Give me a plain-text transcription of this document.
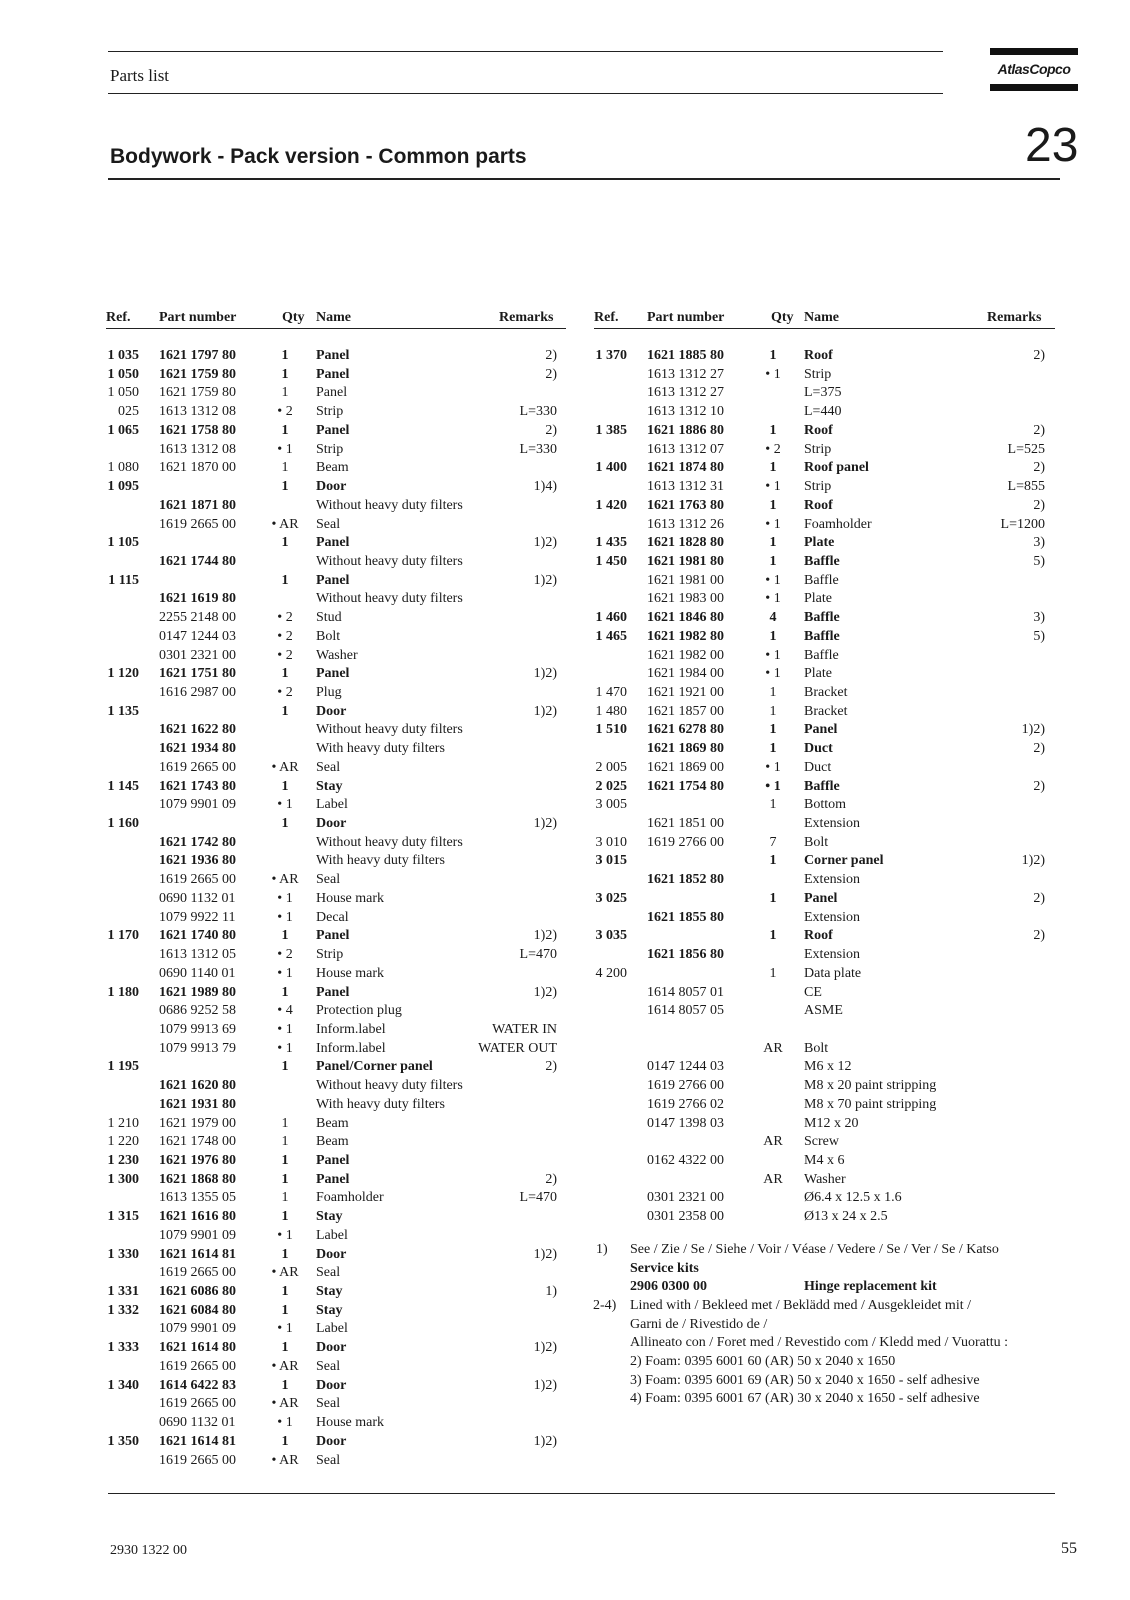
Parts list	AtlasCopco
Bodywork - Pack version - Common parts	23
Ref. Part number	Qty Name	Remarks	Ref. Part number	Qty Name	Remarks
1 035 1621 1797 80	1	Panel	2)
1 050 1621 1759 80	1	Panel	2)
1 050 1621 1759 80	1	Panel
025 1613 1312 08	• 2	Strip	L=330
1 065 1621 1758 80	1	Panel	2)
1613 1312 08	• 1	Strip	L=330
1 080 1621 1870 00	1	Beam
1 095	1	Door	1)4)
1621 1871 80	Without heavy duty filters
1619 2665 00	• AR	Seal
1 105	1	Panel	1)2)
1621 1744 80	Without heavy duty filters
1 115	1	Panel	1)2)
1621 1619 80	Without heavy duty filters
2255 2148 00	• 2	Stud
0147 1244 03	• 2	Bolt
0301 2321 00	• 2	Washer
1 120 1621 1751 80	1	Panel	1)2)
1616 2987 00	• 2	Plug
1 135	1	Door	1)2)
1621 1622 80	Without heavy duty filters
1621 1934 80	With heavy duty filters
1619 2665 00	• AR	Seal
1 145 1621 1743 80	1	Stay
1079 9901 09	• 1	Label
1 160	1	Door	1)2)
1621 1742 80	Without heavy duty filters
1621 1936 80	With heavy duty filters
1619 2665 00	• AR	Seal
0690 1132 01	• 1	House mark
1079 9922 11	• 1	Decal
1 170 1621 1740 80	1	Panel	1)2)
1613 1312 05	• 2	Strip	L=470
0690 1140 01	• 1	House mark
1 180 1621 1989 80	1	Panel	1)2)
0686 9252 58	• 4	Protection plug
1079 9913 69	• 1	Inform.label	WATER IN
1079 9913 79	• 1	Inform.label	WATER OUT
1 195	1	Panel/Corner panel	2)
1621 1620 80	Without heavy duty filters
1621 1931 80	With heavy duty filters
1 210 1621 1979 00	1	Beam
1 220 1621 1748 00	1	Beam
1 230 1621 1976 80	1	Panel
1 300 1621 1868 80	1	Panel	2)
1613 1355 05	1	Foamholder	L=470
1 315 1621 1616 80	1	Stay
1079 9901 09	• 1	Label
1 330 1621 1614 81	1	Door	1)2)
1619 2665 00	• AR	Seal
1 331 1621 6086 80	1	Stay	1)
1 332 1621 6084 80	1	Stay
1079 9901 09	• 1	Label
1 333 1621 1614 80	1	Door	1)2)
1619 2665 00	• AR	Seal
1 340 1614 6422 83	1	Door	1)2)
1619 2665 00	• AR	Seal
0690 1132 01	• 1	House mark
1 350 1621 1614 81	1	Door	1)2)
1619 2665 00	• AR	Seal
1 370 1621 1885 80	1	Roof	2)
1613 1312 27	• 1	Strip
1613 1312 27	L=375
1613 1312 10	L=440
1 385 1621 1886 80	1	Roof	2)
1613 1312 07	• 2	Strip	L=525
1 400 1621 1874 80	1	Roof panel	2)
1613 1312 31	• 1	Strip	L=855
1 420 1621 1763 80	1	Roof	2)
1613 1312 26	• 1	Foamholder	L=1200
1 435 1621 1828 80	1	Plate	3)
1 450 1621 1981 80	1	Baffle	5)
1621 1981 00	• 1	Baffle
1621 1983 00	• 1	Plate
1 460 1621 1846 80	4	Baffle	3)
1 465 1621 1982 80	1	Baffle	5)
1621 1982 00	• 1	Baffle
1621 1984 00	• 1	Plate
1 470 1621 1921 00	1	Bracket
1 480 1621 1857 00	1	Bracket
1 510 1621 6278 80	1	Panel	1)2)
1621 1869 80	1	Duct	2)
2 005 1621 1869 00	• 1	Duct
2 025 1621 1754 80	• 1	Baffle	2)
3 005	1	Bottom
1621 1851 00	Extension
3 010 1619 2766 00	7	Bolt
3 015	1	Corner panel	1)2)
1621 1852 80	Extension
3 025	1	Panel	2)
1621 1855 80	Extension
3 035	1	Roof	2)
1621 1856 80	Extension
4 200	1	Data plate
1614 8057 01	CE
1614 8057 05	ASME
AR	Bolt
0147 1244 03	M6 x 12
1619 2766 00	M8 x 20 paint stripping
1619 2766 02	M8 x 70 paint stripping
0147 1398 03	M12 x 20
AR	Screw
0162 4322 00	M4 x 6
AR	Washer
0301 2321 00	Ø6.4 x 12.5 x 1.6
0301 2358 00	Ø13 x 24 x 2.5
1) See / Zie / Se / Siehe / Voir / Véase / Vedere / Se / Ver / Se / Katso
Service kits
2906 0300 00	Hinge replacement kit
2-4) Lined with / Bekleed met / Beklädd med / Ausgekleidet mit /
Garni de / Rivestido de /
Allineato con / Foret med / Revestido com / Kledd med / Vuorattu :
2) Foam: 0395 6001 60 (AR) 50 x 2040 x 1650
3) Foam: 0395 6001 69 (AR) 50 x 2040 x 1650 - self adhesive
4) Foam: 0395 6001 67 (AR) 30 x 2040 x 1650 - self adhesive
2930 1322 00	55
